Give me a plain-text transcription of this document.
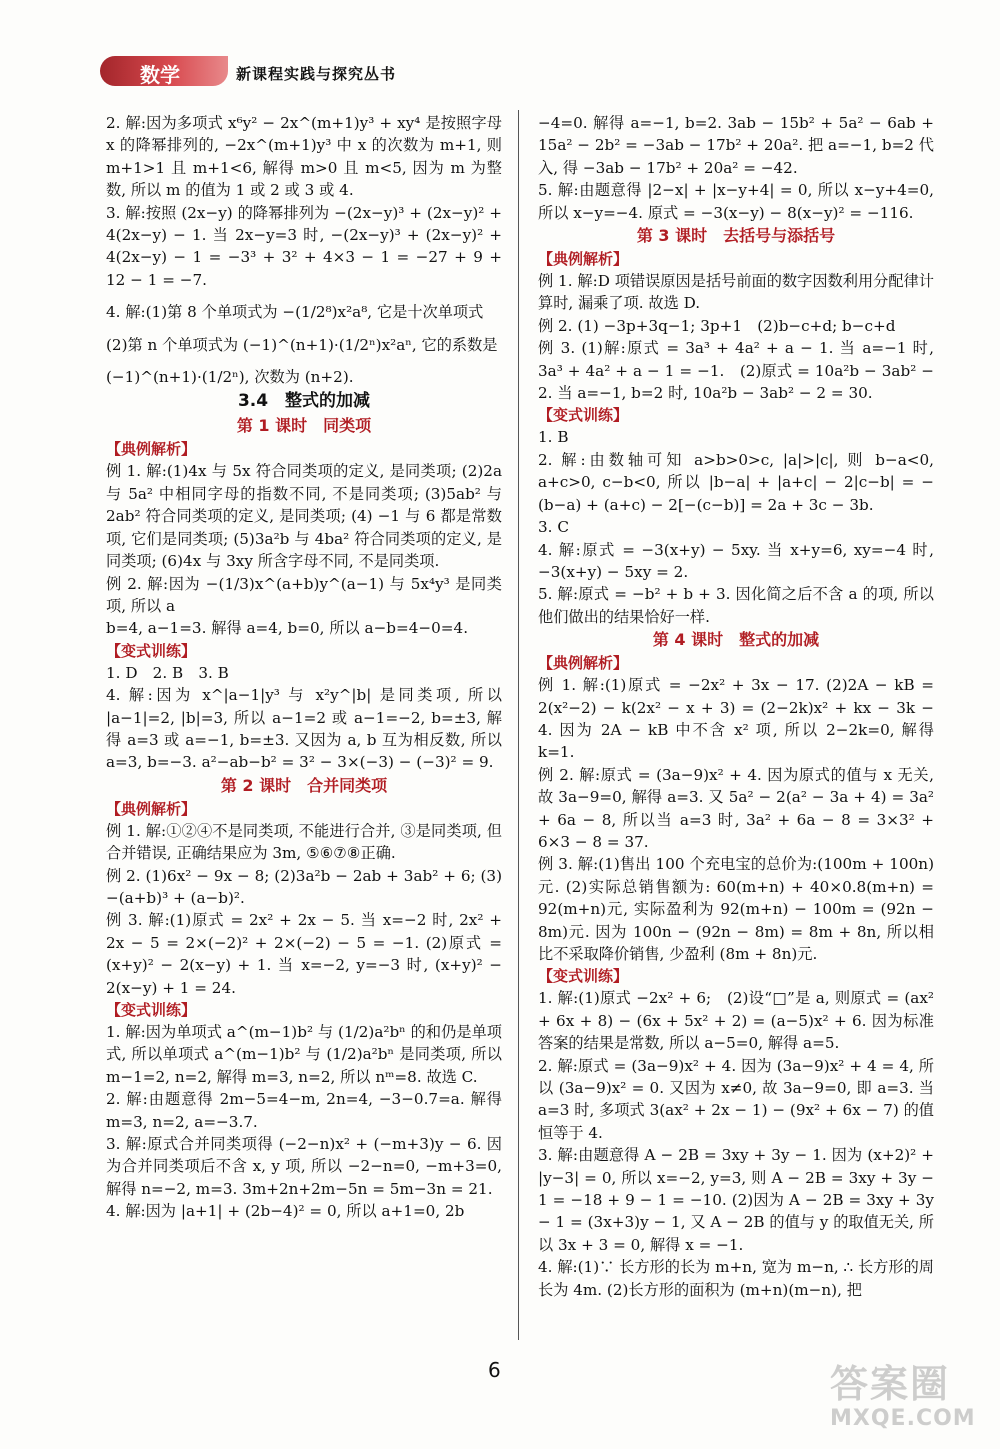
数学	新课程实践与探究丛书

2. 解:因为多项式 x⁶y² − 2x^(m+1)y³ + xy⁴ 是按照字母 x 的降幂排列的, −2x^(m+1)y³ 中 x 的次数为 m+1, 则 m+1>1 且 m+1<6, 解得 m>0 且 m<5, 因为 m 为整数, 所以 m 的值为 1 或 2 或 3 或 4.

3. 解:按照 (2x−y) 的降幂排列为 −(2x−y)³ + (2x−y)² + 4(2x−y) − 1. 当 2x−y=3 时, −(2x−y)³ + (2x−y)² + 4(2x−y) − 1 = −3³ + 3² + 4×3 − 1 = −27 + 9 + 12 − 1 = −7.

4. 解:(1)第 8 个单项式为 −(1/2⁸)x²a⁸, 它是十次单项式

(2)第 n 个单项式为 (−1)^(n+1)·(1/2ⁿ)x²aⁿ, 它的系数是

(−1)^(n+1)·(1/2ⁿ), 次数为 (n+2).

3.4　整式的加减
第 1 课时　同类项
【典例解析】

例 1. 解:(1)4x 与 5x 符合同类项的定义, 是同类项; (2)2a 与 5a² 中相同字母的指数不同, 不是同类项; (3)5ab² 与 2ab² 符合同类项的定义, 是同类项; (4) −1 与 6 都是常数项, 它们是同类项; (5)3a²b 与 4ba² 符合同类项的定义, 是同类项; (6)4x 与 3xy 所含字母不同, 不是同类项.

例 2. 解:因为 −(1/3)x^(a+b)y^(a−1) 与 5x⁴y³ 是同类项, 所以 a

b=4, a−1=3. 解得 a=4, b=0, 所以 a−b=4−0=4.

【变式训练】

1. D　2. B　3. B

4. 解:因为 x^|a−1|y³ 与 x²y^|b| 是同类项, 所以 |a−1|=2, |b|=3, 所以 a−1=2 或 a−1=−2, b=±3, 解得 a=3 或 a=−1, b=±3. 又因为 a, b 互为相反数, 所以 a=3, b=−3. a²−ab−b² = 3² − 3×(−3) − (−3)² = 9.

第 2 课时　合并同类项
【典例解析】

例 1. 解:①②④不是同类项, 不能进行合并, ③是同类项, 但合并错误, 正确结果应为 3m, ⑤⑥⑦⑧正确.

例 2. (1)6x² − 9x − 8; (2)3a²b − 2ab + 3ab² + 6; (3) −(a+b)³ + (a−b)².

例 3. 解:(1)原式 = 2x² + 2x − 5. 当 x=−2 时, 2x² + 2x − 5 = 2×(−2)² + 2×(−2) − 5 = −1. (2)原式 = (x+y)² − 2(x−y) + 1. 当 x=−2, y=−3 时, (x+y)² − 2(x−y) + 1 = 24.

【变式训练】

1. 解:因为单项式 a^(m−1)b² 与 (1/2)a²bⁿ 的和仍是单项式, 所以单项式 a^(m−1)b² 与 (1/2)a²bⁿ 是同类项, 所以 m−1=2, n=2, 解得 m=3, n=2, 所以 nᵐ=8. 故选 C.

2. 解:由题意得 2m−5=4−m, 2n=4, −3−0.7=a. 解得 m=3, n=2, a=−3.7.

3. 解:原式合并同类项得 (−2−n)x² + (−m+3)y − 6. 因为合并同类项后不含 x, y 项, 所以 −2−n=0, −m+3=0, 解得 n=−2, m=3. 3m+2n+2m−5n = 5m−3n = 21.

4. 解:因为 |a+1| + (2b−4)² = 0, 所以 a+1=0, 2b

−4=0. 解得 a=−1, b=2. 3ab − 15b² + 5a² − 6ab + 15a² − 2b² = −3ab − 17b² + 20a². 把 a=−1, b=2 代入, 得 −3ab − 17b² + 20a² = −42.

5. 解:由题意得 |2−x| + |x−y+4| = 0, 所以 x−y+4=0, 所以 x−y=−4. 原式 = −3(x−y) − 8(x−y)² = −116.

第 3 课时　去括号与添括号
【典例解析】

例 1. 解:D 项错误原因是括号前面的数字因数利用分配律计算时, 漏乘了项. 故选 D.

例 2. (1) −3p+3q−1; 3p+1　(2)b−c+d; b−c+d

例 3. (1)解:原式 = 3a³ + 4a² + a − 1. 当 a=−1 时, 3a³ + 4a² + a − 1 = −1.　(2)原式 = 10a²b − 3ab² − 2. 当 a=−1, b=2 时, 10a²b − 3ab² − 2 = 30.

【变式训练】

1. B

2. 解:由数轴可知 a>b>0>c, |a|>|c|, 则 b−a<0, a+c>0, c−b<0, 所以 |b−a| + |a+c| − 2|c−b| = −(b−a) + (a+c) − 2[−(c−b)] = 2a + 3c − 3b.

3. C

4. 解:原式 = −3(x+y) − 5xy. 当 x+y=6, xy=−4 时, −3(x+y) − 5xy = 2.

5. 解:原式 = −b² + b + 3. 因化简之后不含 a 的项, 所以他们做出的结果恰好一样.

第 4 课时　整式的加减
【典例解析】

例 1. 解:(1)原式 = −2x² + 3x − 17. (2)2A − kB = 2(x²−2) − k(2x² − x + 3) = (2−2k)x² + kx − 3k − 4. 因为 2A − kB 中不含 x² 项, 所以 2−2k=0, 解得 k=1.

例 2. 解:原式 = (3a−9)x² + 4. 因为原式的值与 x 无关, 故 3a−9=0, 解得 a=3. 又 5a² − 2(a² − 3a + 4) = 3a² + 6a − 8, 所以当 a=3 时, 3a² + 6a − 8 = 3×3² + 6×3 − 8 = 37.

例 3. 解:(1)售出 100 个充电宝的总价为:(100m + 100n)元. (2)实际总销售额为: 60(m+n) + 40×0.8(m+n) = 92(m+n)元, 实际盈利为 92(m+n) − 100m = (92n − 8m)元. 因为 100n − (92n − 8m) = 8m + 8n, 所以相比不采取降价销售, 少盈利 (8m + 8n)元.

【变式训练】

1. 解:(1)原式 −2x² + 6;　(2)设“□”是 a, 则原式 = (ax² + 6x + 8) − (6x + 5x² + 2) = (a−5)x² + 6. 因为标准答案的结果是常数, 所以 a−5=0, 解得 a=5.

2. 解:原式 = (3a−9)x² + 4. 因为 (3a−9)x² + 4 = 4, 所以 (3a−9)x² = 0. 又因为 x≠0, 故 3a−9=0, 即 a=3. 当 a=3 时, 多项式 3(ax² + 2x − 1) − (9x² + 6x − 7) 的值恒等于 4.

3. 解:由题意得 A − 2B = 3xy + 3y − 1. 因为 (x+2)² + |y−3| = 0, 所以 x=−2, y=3, 则 A − 2B = 3xy + 3y − 1 = −18 + 9 − 1 = −10. (2)因为 A − 2B = 3xy + 3y − 1 = (3x+3)y − 1, 又 A − 2B 的值与 y 的取值无关, 所以 3x + 3 = 0, 解得 x = −1.

4. 解:(1)∵ 长方形的长为 m+n, 宽为 m−n, ∴ 长方形的周长为 4m. (2)长方形的面积为 (m+n)(m−n), 把

6	答案圈
MXQE.COM
